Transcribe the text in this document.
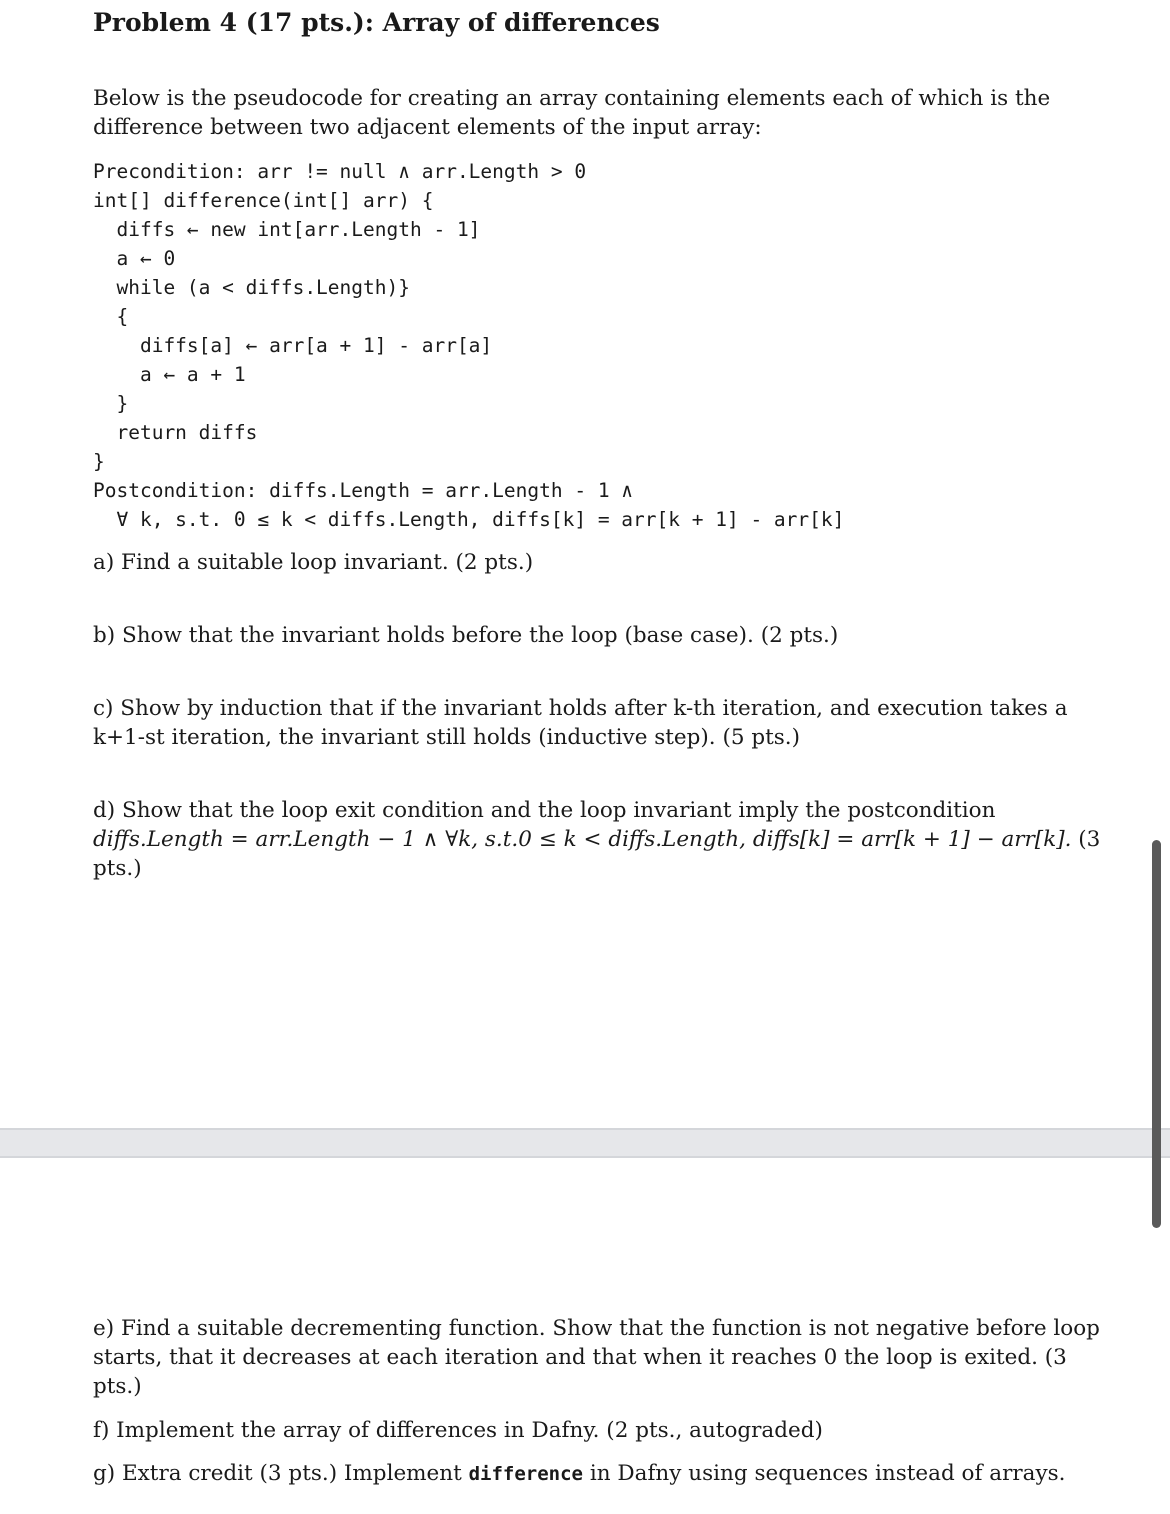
Problem 4 (17 pts.): Array of differences
Below is the pseudocode for creating an array containing elements each of which is the difference between two adjacent elements of the input array:
Precondition: arr != null ∧ arr.Length > 0
int[] difference(int[] arr) {
diffs ← new int[arr.Length - 1]
a ← 0
while (a < diffs.Length)}
{
diffs[a] ← arr[a + 1] - arr[a]
a ← a + 1
}
return diffs
}
Postcondition: diffs.Length = arr.Length - 1 ∧
∀ k, s.t. 0 ≤ k < diffs.Length, diffs[k] = arr[k + 1] - arr[k]
a) Find a suitable loop invariant. (2 pts.)
b) Show that the invariant holds before the loop (base case). (2 pts.)
c) Show by induction that if the invariant holds after k-th iteration, and execution takes a k+1-st iteration, the invariant still holds (inductive step). (5 pts.)
d) Show that the loop exit condition and the loop invariant imply the postcondition diffs.Length = arr.Length − 1 ∧ ∀k, s.t.0 ≤ k < diffs.Length, diffs[k] = arr[k + 1] − arr[k]. (3 pts.)
e) Find a suitable decrementing function. Show that the function is not negative before loop starts, that it decreases at each iteration and that when it reaches 0 the loop is exited. (3 pts.)
f) Implement the array of differences in Dafny. (2 pts., autograded)
g) Extra credit (3 pts.) Implement difference in Dafny using sequences instead of arrays.
